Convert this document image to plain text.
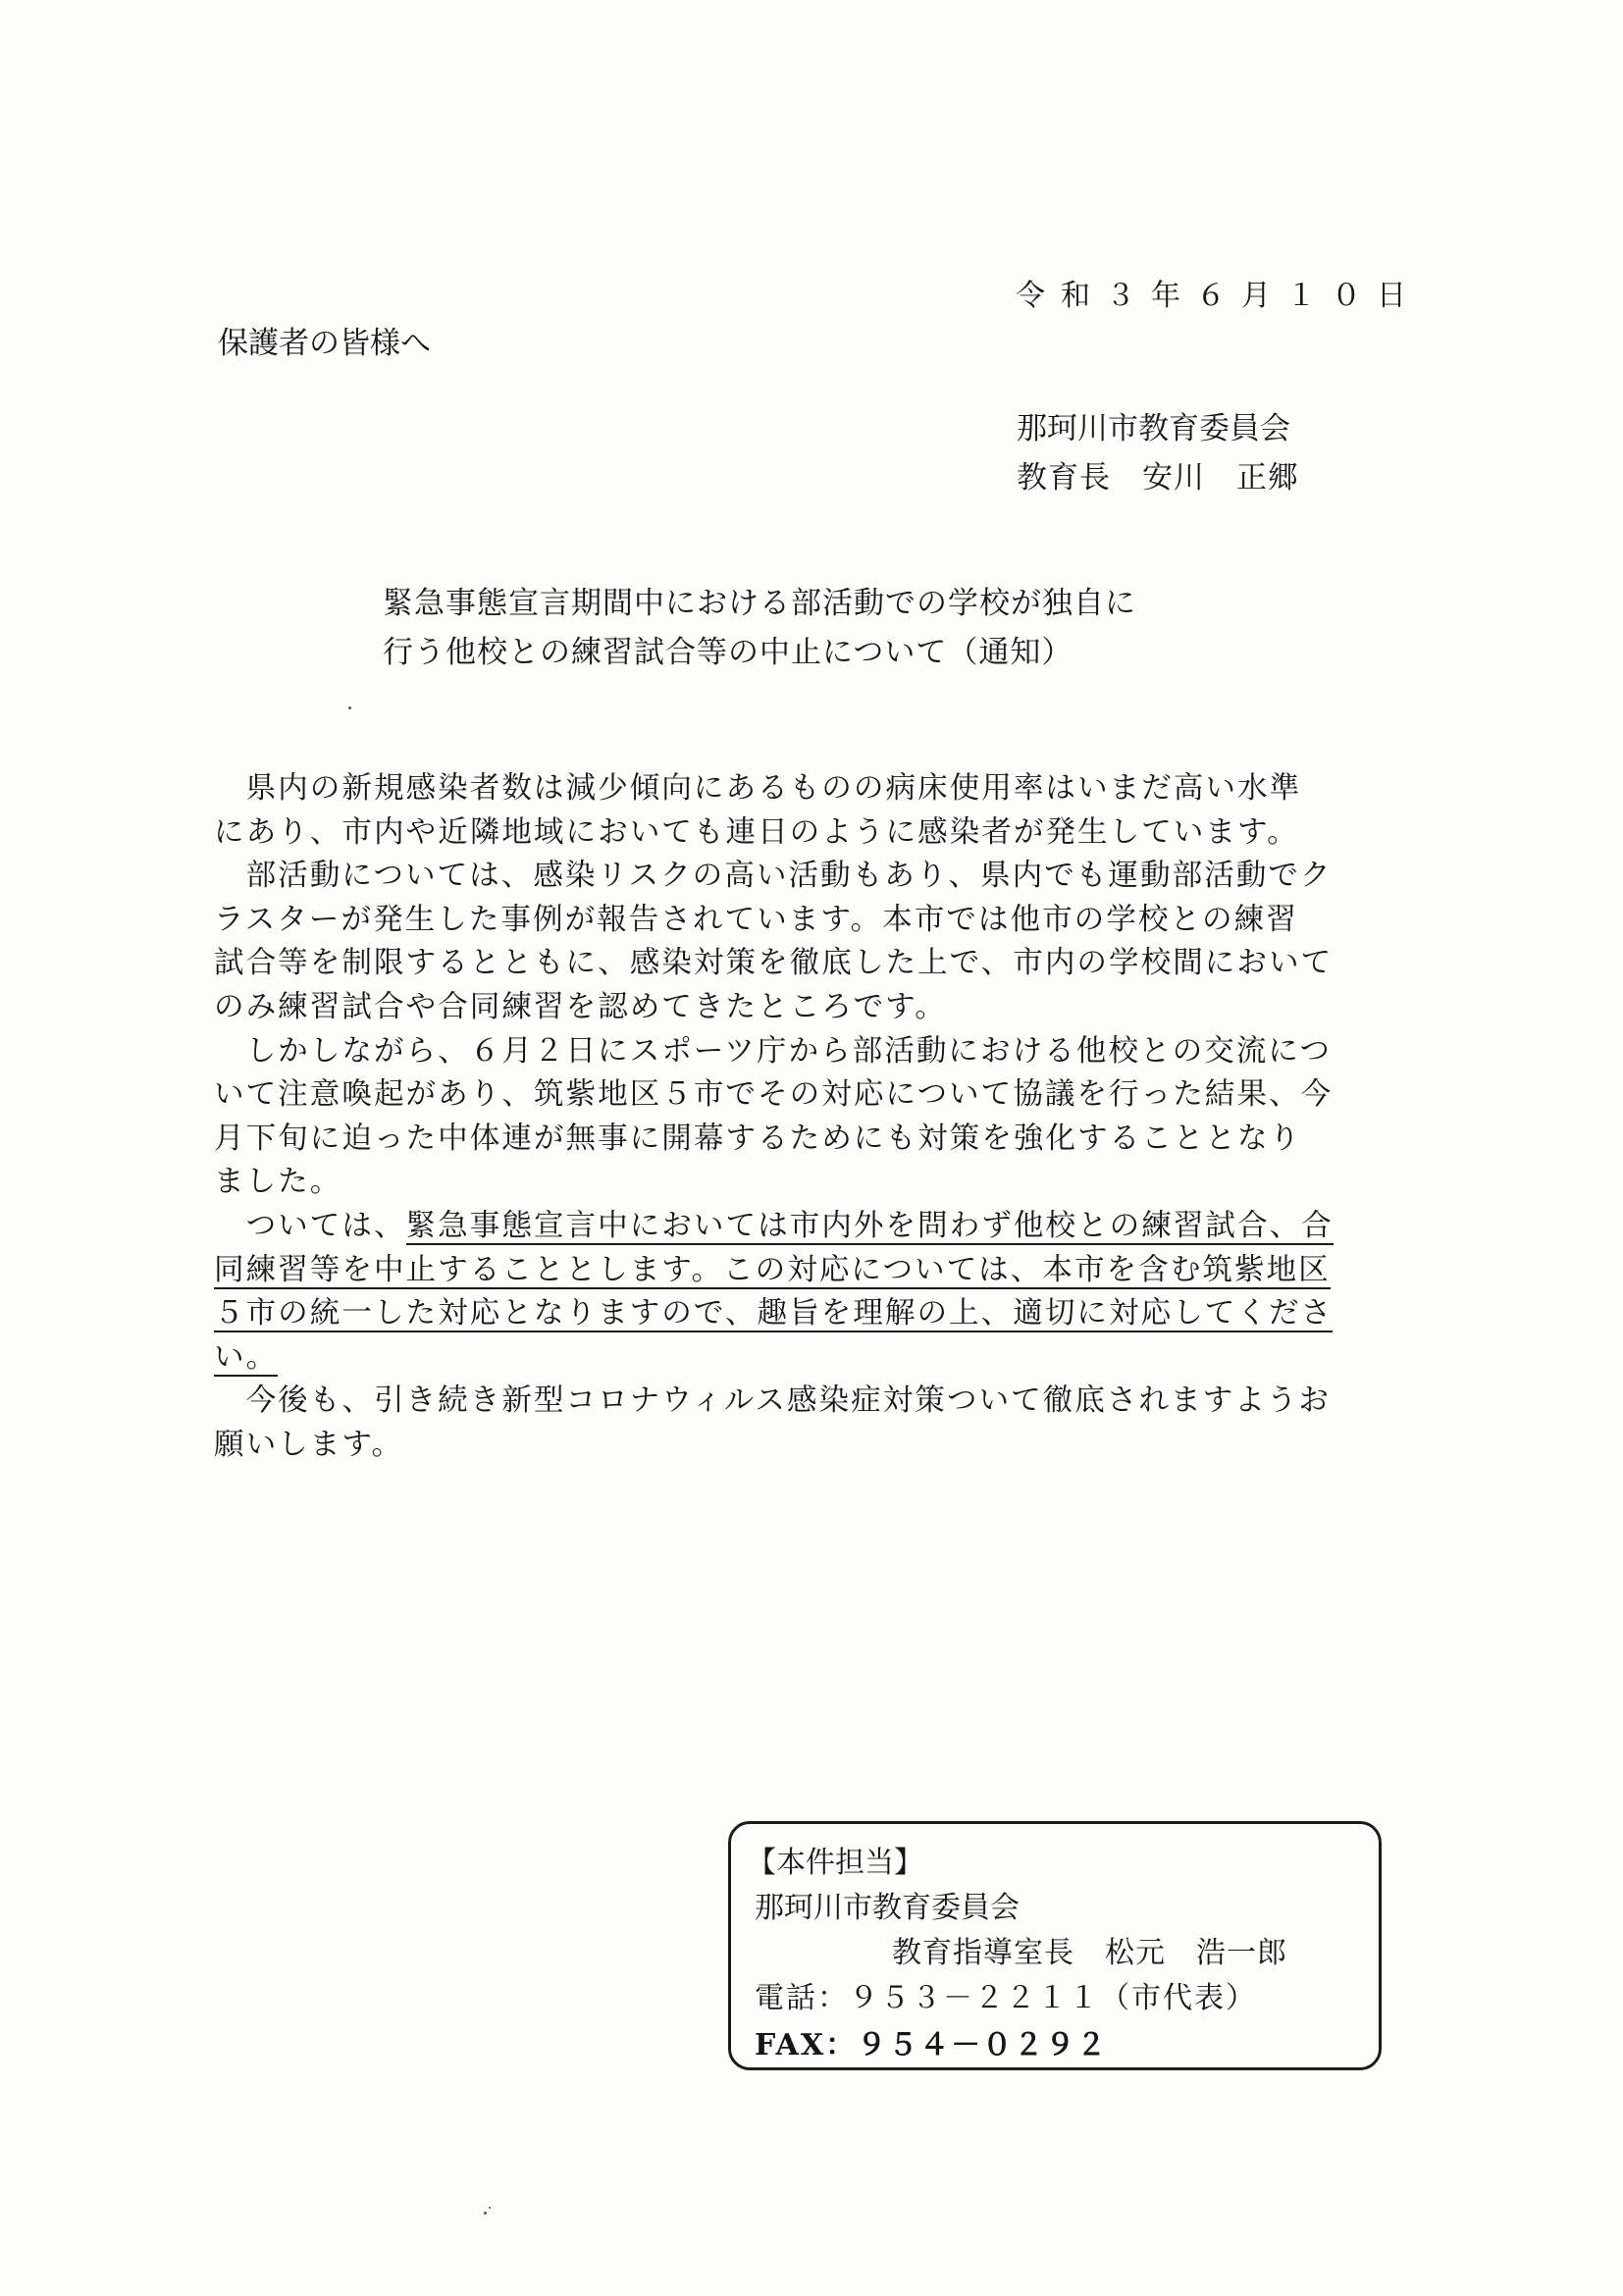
令和３年６月１０日
保護者の皆様へ
那珂川市教育委員会
教育長　安川　正郷
緊急事態宣言期間中における部活動での学校が独自に
行う他校との練習試合等の中止について（通知）
　県内の新規感染者数は減少傾向にあるものの病床使用率はいまだ高い水準
にあり、市内や近隣地域においても連日のように感染者が発生しています。
　部活動については、感染リスクの高い活動もあり、県内でも運動部活動でク
ラスターが発生した事例が報告されています。本市では他市の学校との練習
試合等を制限するとともに、感染対策を徹底した上で、市内の学校間において
のみ練習試合や合同練習を認めてきたところです。
　しかしながら、６月２日にスポーツ庁から部活動における他校との交流につ
いて注意喚起があり、筑紫地区５市でその対応について協議を行った結果、今
月下旬に迫った中体連が無事に開幕するためにも対策を強化することとなり
ました。
　ついては、緊急事態宣言中においては市内外を問わず他校との練習試合、合
同練習等を中止することとします。この対応については、本市を含む筑紫地区
５市の統一した対応となりますので、趣旨を理解の上、適切に対応してくださ
い。
　今後も、引き続き新型コロナウィルス感染症対策ついて徹底されますようお
願いします。
【本件担当】
那珂川市教育委員会
教育指導室長　松元　浩一郎
電話：９５３－２２１１（市代表）
FAX：９５４－０２９２
